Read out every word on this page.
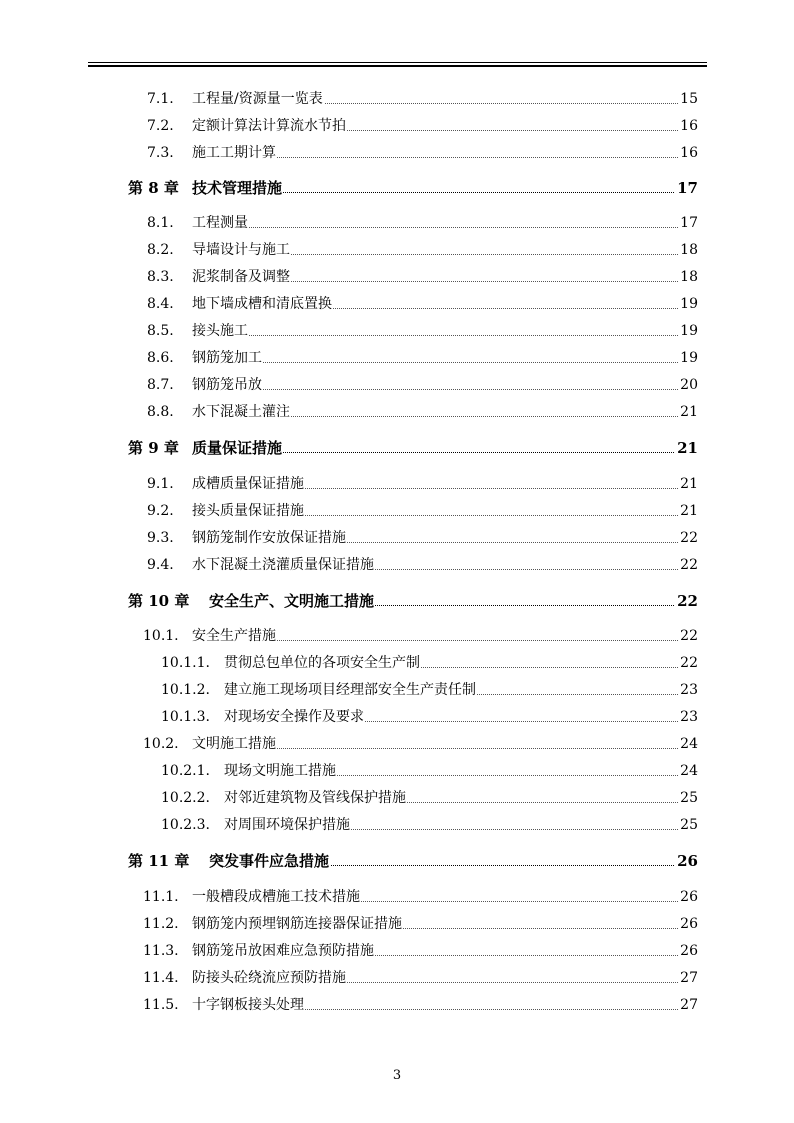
7.1. 工程量/资源量一览表	15
7.2. 定额计算法计算流水节拍	16
7.3. 施工工期计算	16
第 8 章 技术管理措施	17
8.1. 工程测量	17
8.2. 导墙设计与施工	18
8.3. 泥浆制备及调整	18
8.4. 地下墙成槽和清底置换	19
8.5. 接头施工	19
8.6. 钢筋笼加工	19
8.7. 钢筋笼吊放	20
8.8. 水下混凝土灌注	21
第 9 章 质量保证措施	21
9.1. 成槽质量保证措施	21
9.2. 接头质量保证措施	21
9.3. 钢筋笼制作安放保证措施	22
9.4. 水下混凝土浇灌质量保证措施	22
第 10 章 安全生产、文明施工措施	22
10.1. 安全生产措施	22
10.1.1. 贯彻总包单位的各项安全生产制	22
10.1.2. 建立施工现场项目经理部安全生产责任制	23
10.1.3. 对现场安全操作及要求	23
10.2. 文明施工措施	24
10.2.1. 现场文明施工措施	24
10.2.2. 对邻近建筑物及管线保护措施	25
10.2.3. 对周围环境保护措施	25
第 11 章 突发事件应急措施	26
11.1. 一般槽段成槽施工技术措施	26
11.2. 钢筋笼内预埋钢筋连接器保证措施	26
11.3. 钢筋笼吊放困难应急预防措施	26
11.4. 防接头砼绕流应预防措施	27
11.5. 十字钢板接头处理	27
3
